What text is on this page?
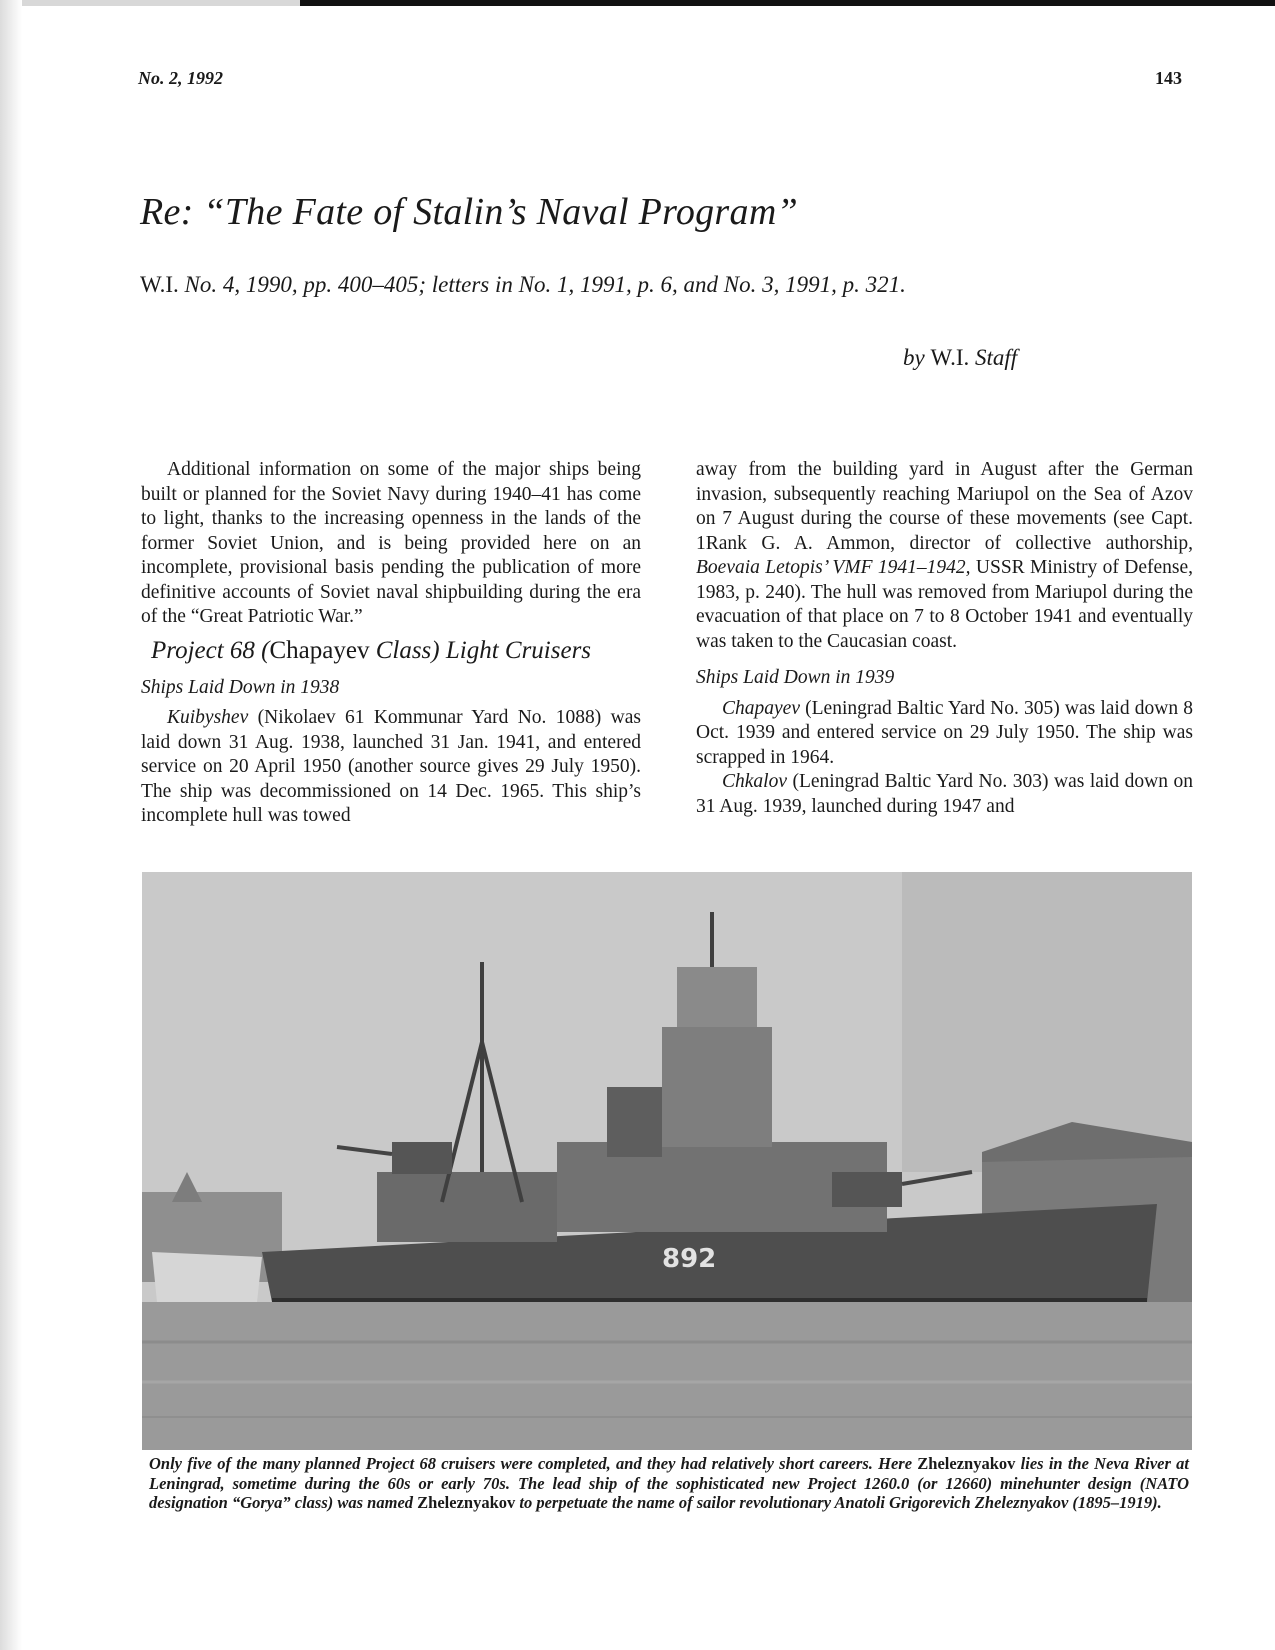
No. 2, 1992	143
Re: “The Fate of Stalin’s Naval Program”
W.I. No. 4, 1990, pp. 400–405; letters in No. 1, 1991, p. 6, and No. 3, 1991, p. 321.
by W.I. Staff

Additional information on some of the major ships being built or planned for the Soviet Navy during 1940–41 has come to light, thanks to the increasing openness in the lands of the former Soviet Union, and is being provided here on an incomplete, provisional basis pending the publication of more definitive accounts of Soviet naval shipbuilding during the era of the “Great Patriotic War.”

Project 68 (Chapayev Class) Light Cruisers
Ships Laid Down in 1938

Kuibyshev (Nikolaev 61 Kommunar Yard No. 1088) was laid down 31 Aug. 1938, launched 31 Jan. 1941, and entered service on 20 April 1950 (another source gives 29 July 1950). The ship was decommissioned on 14 Dec. 1965. This ship’s incomplete hull was towed

away from the building yard in August after the German invasion, subsequently reaching Mariupol on the Sea of Azov on 7 August during the course of these movements (see Capt. 1Rank G. A. Ammon, director of collective authorship, Boevaia Letopis’ VMF 1941–1942, USSR Ministry of Defense, 1983, p. 240). The hull was removed from Mariupol during the evacuation of that place on 7 to 8 October 1941 and eventually was taken to the Caucasian coast.

Ships Laid Down in 1939

Chapayev (Leningrad Baltic Yard No. 305) was laid down 8 Oct. 1939 and entered service on 29 July 1950. The ship was scrapped in 1964.

Chkalov (Leningrad Baltic Yard No. 303) was laid down on 31 Aug. 1939, launched during 1947 and

892
Only five of the many planned Project 68 cruisers were completed, and they had relatively short careers. Here Zheleznyakov lies in the Neva River at Leningrad, sometime during the 60s or early 70s. The lead ship of the sophisticated new Project 1260.0 (or 12660) minehunter design (NATO designation “Gorya” class) was named Zheleznyakov to perpetuate the name of sailor revolutionary Anatoli Grigorevich Zheleznyakov (1895–1919).
